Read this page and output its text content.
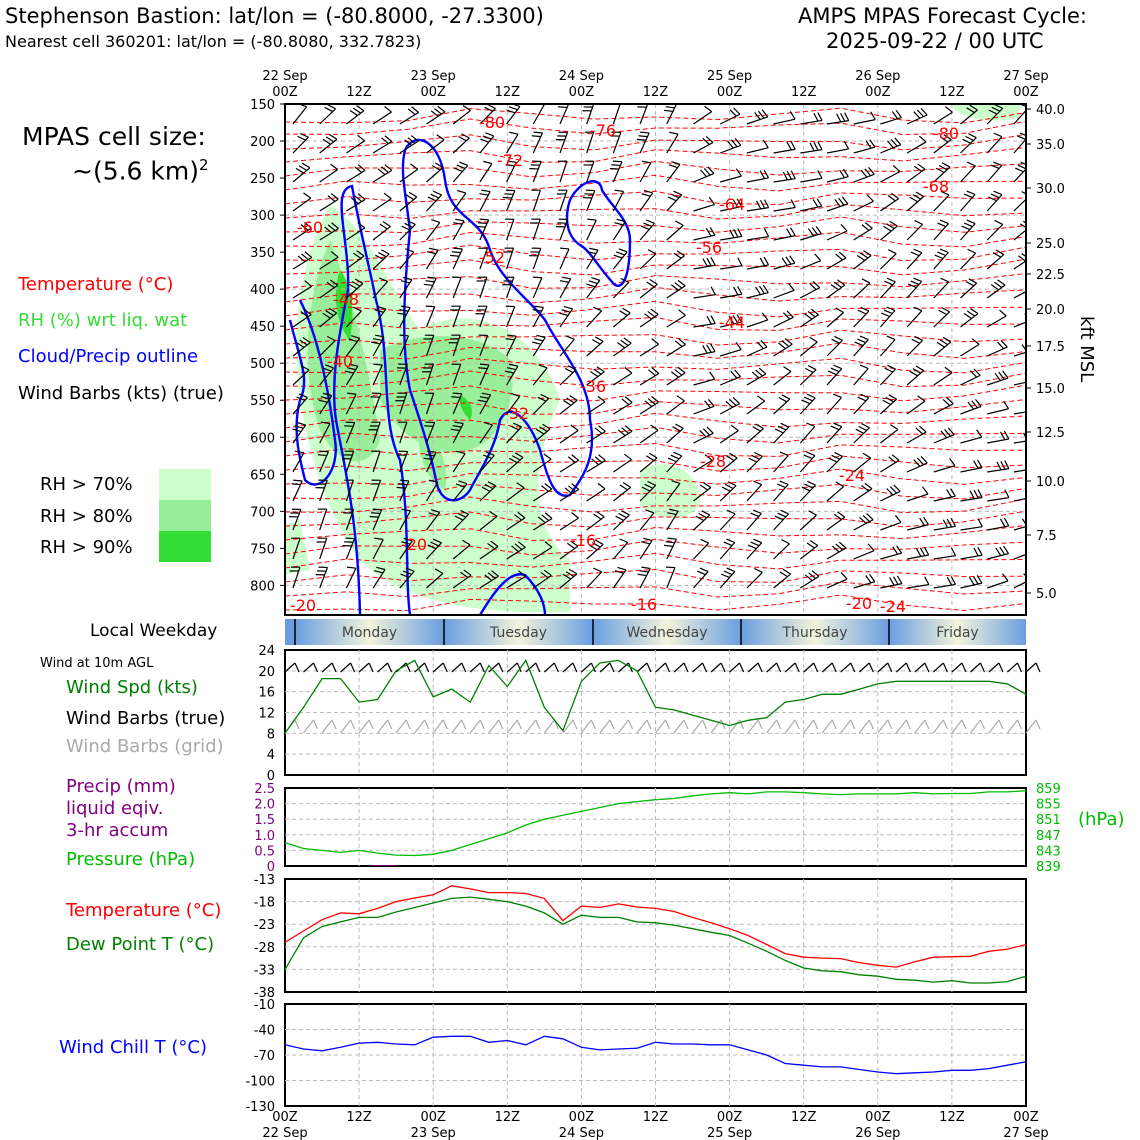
Stephenson Bastion: lat/lon = (-80.8000, -27.3300)
Nearest cell 360201: lat/lon = (-80.8080, 332.7823)
AMPS MPAS Forecast Cycle:
2025-09-22 / 00 UTC
MPAS cell size:
~(5.6 km)$^2$
Temperature (°C)
RH (%) wrt liq. wat
Cloud/Precip outline
Wind Barbs (kts) (true)
RH > 70%
RH > 80%
RH > 90%
Local Weekday
Wind at 10m AGL
Wind Spd (kts)
Wind Barbs (true)
Wind Barbs (grid)
Precip (mm)
liquid eqiv.
3-hr accum
Pressure (hPa)
(hPa)
Temperature (°C)
Dew Point T (°C)
Wind Chill T (°C)
kft MSL
-80	-76	-80
-72
-68
-64
-60
-56
-52
-48
-44
-40
-36
-32
-28
-24
-20	-16
-16
-20	-20 -24
150
200
250
300
350
400
450
500
550
600
650
700
750
800
40.0
35.0
30.0
25.0
22.5
20.0
17.5
15.0
12.5
10.0
7.5
5.0
22 Sep
00Z	12Z
23 Sep
00Z	12Z
24 Sep
00Z	12Z
25 Sep
00Z	12Z
26 Sep
00Z	12Z
27 Sep
00Z
Monday	Tuesday	Wednesday	Thursday	Friday
24
20
16
12
8
4
0
2.5
2.0
1.5
1.0
0.5
0
859
855
851
847
843
839
-13
-18
-23
-28
-33
-38
-10
-40
-70
-100
-130
00Z
22 Sep
12Z	00Z
23 Sep
12Z	00Z
24 Sep
12Z	00Z
25 Sep
12Z	00Z
26 Sep
12Z	00Z
27 Sep
